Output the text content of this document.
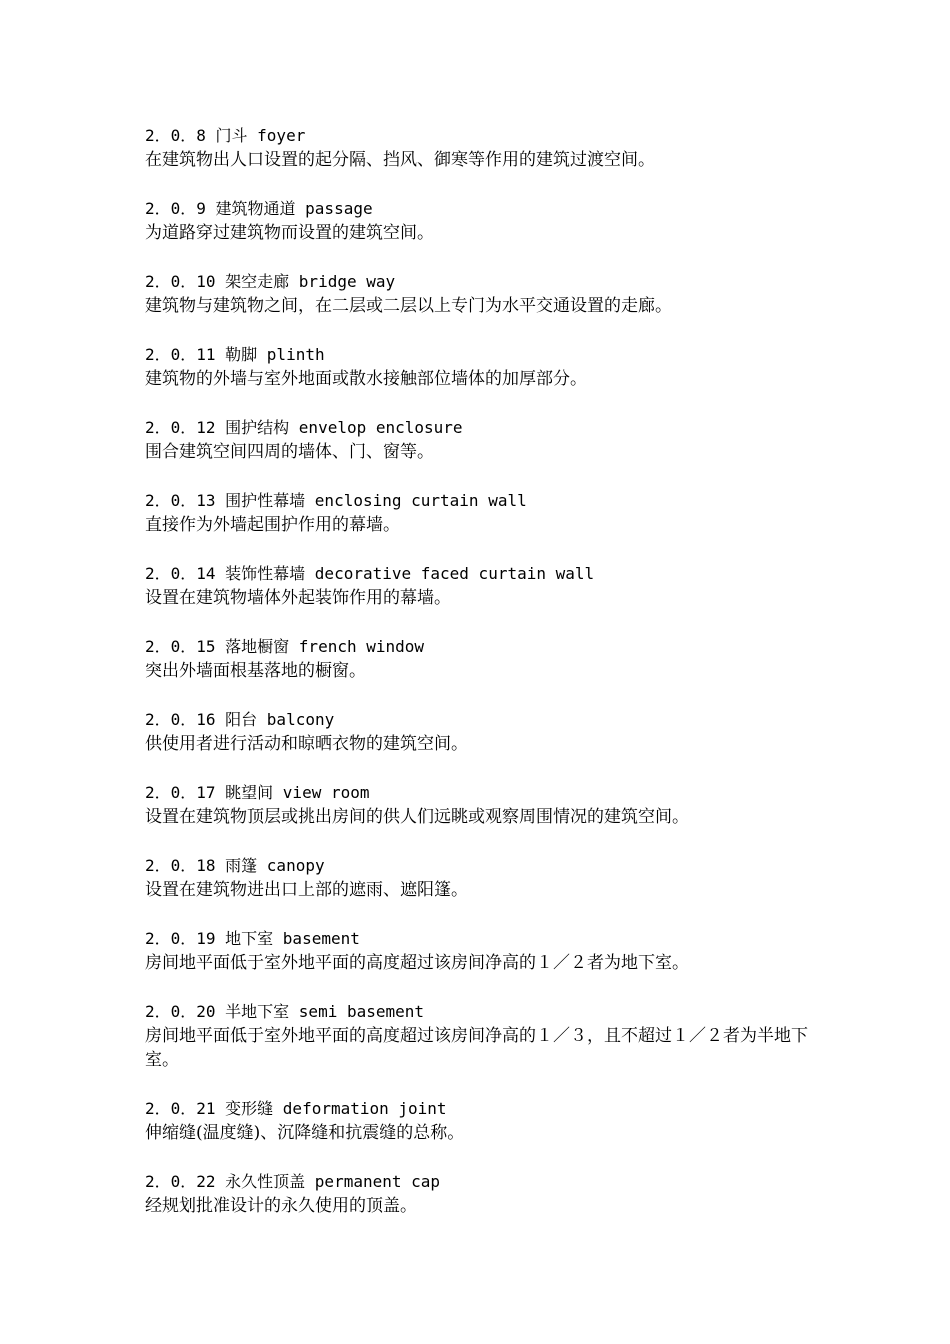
2．0．8 门斗 foyer
在建筑物出人口设置的起分隔、挡风、御寒等作用的建筑过渡空间。
2．0．9 建筑物通道 passage
为道路穿过建筑物而设置的建筑空间。
2．0．10 架空走廊 bridge way
建筑物与建筑物之间，在二层或二层以上专门为水平交通设置的走廊。
2．0．11 勒脚 plinth
建筑物的外墙与室外地面或散水接触部位墙体的加厚部分。
2．0．12 围护结构 envelop enclosure
围合建筑空间四周的墙体、门、窗等。
2．0．13 围护性幕墙 enclosing curtain wall
直接作为外墙起围护作用的幕墙。
2．0．14 装饰性幕墙 decorative faced curtain wall
设置在建筑物墙体外起装饰作用的幕墙。
2．0．15 落地橱窗 french window
突出外墙面根基落地的橱窗。
2．0．16 阳台 balcony
供使用者进行活动和晾晒衣物的建筑空间。
2．0．17 眺望间 view room
设置在建筑物顶层或挑出房间的供人们远眺或观察周围情况的建筑空间。
2．0．18 雨篷 canopy
设置在建筑物进出口上部的遮雨、遮阳篷。
2．0．19 地下室 basement
房间地平面低于室外地平面的高度超过该房间净高的１／２者为地下室。
2．0．20 半地下室 semi basement
房间地平面低于室外地平面的高度超过该房间净高的１／３，且不超过１／２者为半地下室。
2．0．21 变形缝 deformation joint
伸缩缝(温度缝)、沉降缝和抗震缝的总称。
2．0．22 永久性顶盖 permanent cap
经规划批准设计的永久使用的顶盖。
